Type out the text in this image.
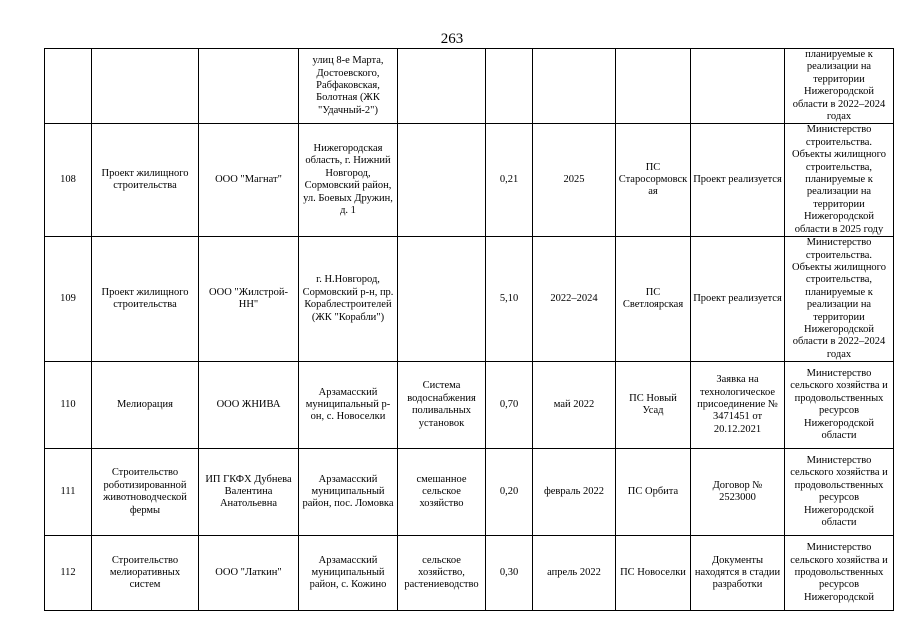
263
			улиц 8-е Марта, Достоевского, Рабфаковская, Болотная (ЖК "Удачный-2")						планируемые к реализации на территории Нижегородской области в 2022–2024 годах
108	Проект жилищного строительства	ООО "Магнат"	Нижегородская область, г. Нижний Новгород, Сормовский район, ул. Боевых Дружин, д. 1		0,21	2025	ПС Старосормовская	Проект реализуется	Министерство строительства. Объекты жилищного строительства, планируемые к реализации на территории Нижегородской области в 2025 году
109	Проект жилищного строительства	ООО "Жилстрой-НН"	г. Н.Новгород, Сормовский р-н, пр. Кораблестроителей (ЖК "Корабли")		5,10	2022–2024	ПС Светлоярская	Проект реализуется	Министерство строительства. Объекты жилищного строительства, планируемые к реализации на территории Нижегородской области в 2022–2024 годах
110	Мелиорация	ООО ЖНИВА	Арзамасский муниципальный р-он, с. Новоселки	Система водоснабжения поливальных установок	0,70	май 2022	ПС Новый Усад	Заявка на технологическое присоединение № 3471451 от 20.12.2021	Министерство сельского хозяйства и продовольственных ресурсов Нижегородской области
111	Строительство роботизированной животноводческой фермы	ИП ГКФХ Дубнева Валентина Анатольевна	Арзамасский муниципальный район, пос. Ломовка	смешанное сельское хозяйство	0,20	февраль 2022	ПС Орбита	Договор № 2523000	Министерство сельского хозяйства и продовольственных ресурсов Нижегородской области
112	Строительство мелиоративных систем	ООО "Латкин"	Арзамасский муниципальный район, с. Кожино	сельское хозяйство, растениеводство	0,30	апрель 2022	ПС Новоселки	Документы находятся в стадии разработки	Министерство сельского хозяйства и продовольственных ресурсов Нижегородской
